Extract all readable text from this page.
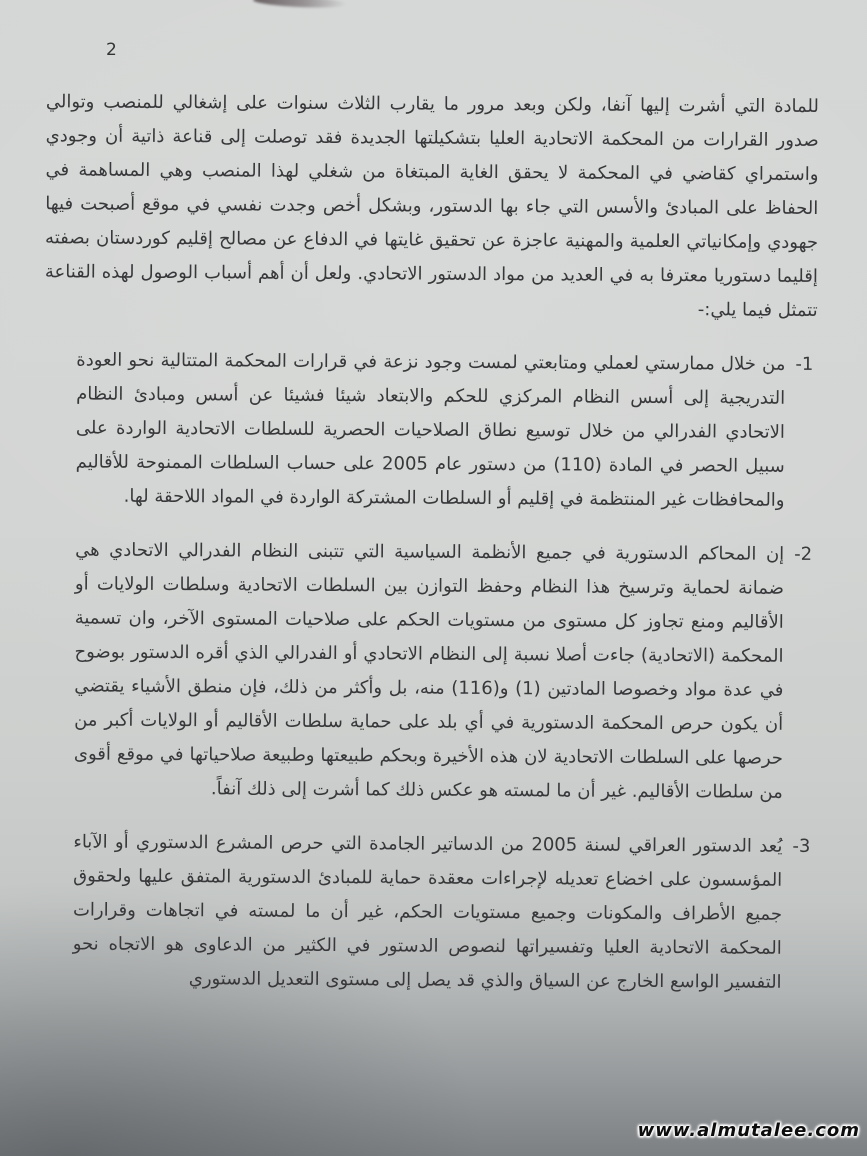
2

للمادة التي أشرت إليها آنفا، ولكن وبعد مرور ما يقارب الثلاث سنوات على إشغالي للمنصب وتوالي صدور القرارات من المحكمة الاتحادية العليا بتشكيلتها الجديدة فقد توصلت إلى قناعة ذاتية أن وجودي واستمراي كقاضي في المحكمة لا يحقق الغاية المبتغاة من شغلي لهذا المنصب وهي المساهمة في الحفاظ على المبادئ والأسس التي جاء بها الدستور، وبشكل أخص وجدت نفسي في موقع أصبحت فيها جهودي وإمكانياتي العلمية والمهنية عاجزة عن تحقيق غايتها في الدفاع عن مصالح إقليم كوردستان بصفته إقليما دستوريا معترفا به في العديد من مواد الدستور الاتحادي. ولعل أن أهم أسباب الوصول لهذه القناعة تتمثل فيما يلي:-

1-
من خلال ممارستي لعملي ومتابعتي لمست وجود نزعة في قرارات المحكمة المتتالية نحو العودة التدريجية إلى أسس النظام المركزي للحكم والابتعاد شيئا فشيئا عن أسس ومبادئ النظام الاتحادي الفدرالي من خلال توسيع نطاق الصلاحيات الحصرية للسلطات الاتحادية الواردة على سبيل الحصر في المادة (110) من دستور عام 2005 على حساب السلطات الممنوحة للأقاليم والمحافظات غير المنتظمة في إقليم أو السلطات المشتركة الواردة في المواد اللاحقة لها.
2-
إن المحاكم الدستورية في جميع الأنظمة السياسية التي تتبنى النظام الفدرالي الاتحادي هي ضمانة لحماية وترسيخ هذا النظام وحفظ التوازن بين السلطات الاتحادية وسلطات الولايات أو الأقاليم ومنع تجاوز كل مستوى من مستويات الحكم على صلاحيات المستوى الآخر، وان تسمية المحكمة (الاتحادية) جاءت أصلا نسبة إلى النظام الاتحادي أو الفدرالي الذي أقره الدستور بوضوح في عدة مواد وخصوصا المادتين (1) و(116) منه، بل وأكثر من ذلك، فإن منطق الأشياء يقتضي أن يكون حرص المحكمة الدستورية في أي بلد على حماية سلطات الأقاليم أو الولايات أكبر من حرصها على السلطات الاتحادية لان هذه الأخيرة وبحكم طبيعتها وطبيعة صلاحياتها في موقع أقوى من سلطات الأقاليم. غير أن ما لمسته هو عكس ذلك كما أشرت إلى ذلك آنفاً.
3-
يُعد الدستور العراقي لسنة 2005 من الدساتير الجامدة التي حرص المشرع الدستوري أو الآباء المؤسسون على اخضاع تعديله لإجراءات معقدة حماية للمبادئ الدستورية المتفق عليها ولحقوق جميع الأطراف والمكونات وجميع مستويات الحكم، غير أن ما لمسته في اتجاهات وقرارات المحكمة الاتحادية العليا وتفسيراتها لنصوص الدستور في الكثير من الدعاوى هو الاتجاه نحو التفسير الواسع الخارج عن السياق والذي قد يصل إلى مستوى التعديل الدستوري
www.almutalee.com
